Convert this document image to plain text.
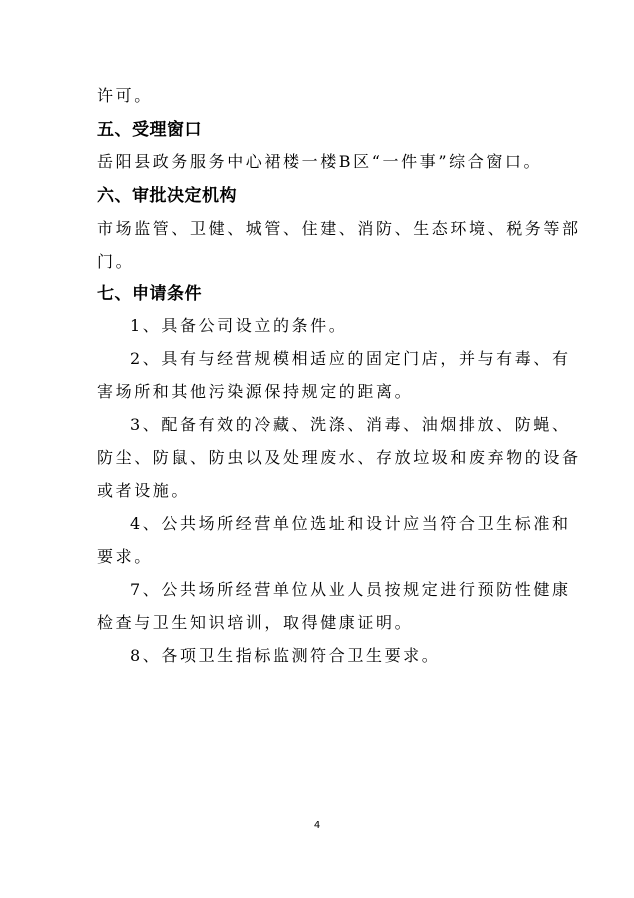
许可。
五、受理窗口
岳阳县政务服务中心裙楼一楼B区“一件事”综合窗口。
六、审批决定机构
市场监管、卫健、城管、住建、消防、生态环境、税务等部
门。
七、申请条件
1、具备公司设立的条件。
2、具有与经营规模相适应的固定门店，并与有毒、有
害场所和其他污染源保持规定的距离。
3、配备有效的冷藏、洗涤、消毒、油烟排放、防蝇、
防尘、防鼠、防虫以及处理废水、存放垃圾和废弃物的设备
或者设施。
4、公共场所经营单位选址和设计应当符合卫生标准和
要求。
7、公共场所经营单位从业人员按规定进行预防性健康
检查与卫生知识培训，取得健康证明。
8、各项卫生指标监测符合卫生要求。
4
